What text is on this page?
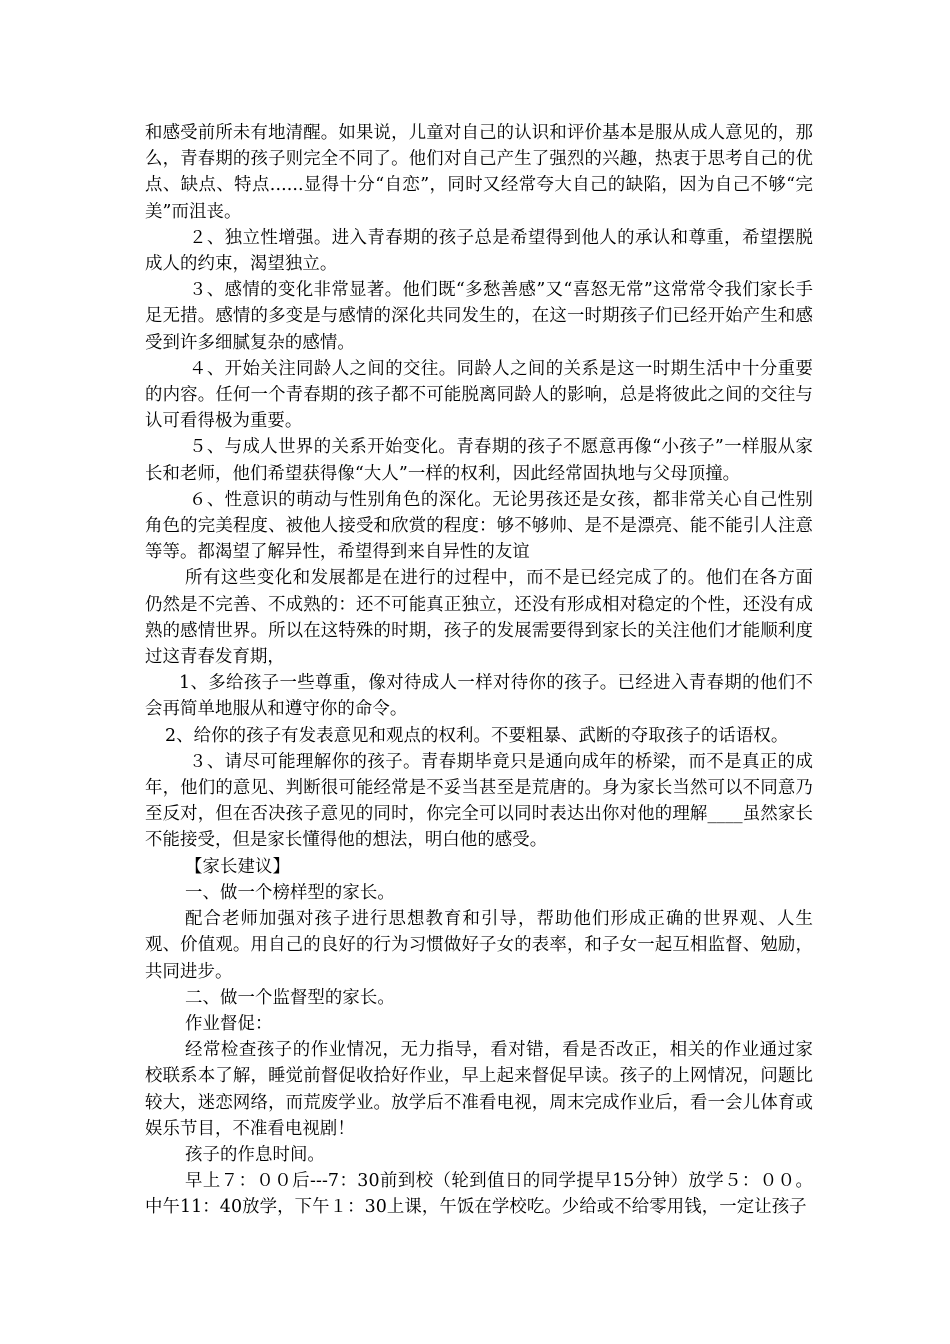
和感受前所未有地清醒。如果说，儿童对自己的认识和评价基本是服从成人意见的，那么，青春期的孩子则完全不同了。他们对自己产生了强烈的兴趣，热衷于思考自己的优点、缺点、特点......显得十分“自恋”，同时又经常夸大自己的缺陷，因为自己不够“完美”而沮丧。

２、独立性增强。进入青春期的孩子总是希望得到他人的承认和尊重，希望摆脱成人的约束，渴望独立。

３、感情的变化非常显著。他们既“多愁善感”又“喜怒无常”这常常令我们家长手足无措。感情的多变是与感情的深化共同发生的，在这一时期孩子们已经开始产生和感受到许多细腻复杂的感情。

４、开始关注同龄人之间的交往。同龄人之间的关系是这一时期生活中十分重要的内容。任何一个青春期的孩子都不可能脱离同龄人的影响，总是将彼此之间的交往与认可看得极为重要。

５、与成人世界的关系开始变化。青春期的孩子不愿意再像“小孩子”一样服从家长和老师，他们希望获得像“大人”一样的权利，因此经常固执地与父母顶撞。

６、性意识的萌动与性别角色的深化。无论男孩还是女孩，都非常关心自己性别角色的完美程度、被他人接受和欣赏的程度：够不够帅、是不是漂亮、能不能引人注意等等。都渴望了解异性，希望得到来自异性的友谊

所有这些变化和发展都是在进行的过程中，而不是已经完成了的。他们在各方面仍然是不完善、不成熟的：还不可能真正独立，还没有形成相对稳定的个性，还没有成熟的感情世界。所以在这特殊的时期，孩子的发展需要得到家长的关注他们才能顺利度过这青春发育期，

1、多给孩子一些尊重，像对待成人一样对待你的孩子。已经进入青春期的他们不会再简单地服从和遵守你的命令。

2、给你的孩子有发表意见和观点的权利。不要粗暴、武断的夺取孩子的话语权。

３、请尽可能理解你的孩子。青春期毕竟只是通向成年的桥梁，而不是真正的成年，他们的意见、判断很可能经常是不妥当甚至是荒唐的。身为家长当然可以不同意乃至反对，但在否决孩子意见的同时，你完全可以同时表达出你对他的理解____虽然家长不能接受，但是家长懂得他的想法，明白他的感受。

【家长建议】

一、做一个榜样型的家长。

配合老师加强对孩子进行思想教育和引导，帮助他们形成正确的世界观、人生观、价值观。用自己的良好的行为习惯做好子女的表率，和子女一起互相监督、勉励，共同进步。

二、做一个监督型的家长。

作业督促：

经常检查孩子的作业情况，无力指导，看对错，看是否改正，相关的作业通过家校联系本了解，睡觉前督促收拾好作业，早上起来督促早读。孩子的上网情况，问题比较大，迷恋网络，而荒废学业。放学后不准看电视，周末完成作业后，看一会儿体育或娱乐节目，不准看电视剧！

孩子的作息时间。

早上７：００后---7：30前到校（轮到值日的同学提早15分钟）放学５：００。中午11：40放学，下午１：30上课，午饭在学校吃。少给或不给零用钱，一定让孩子
